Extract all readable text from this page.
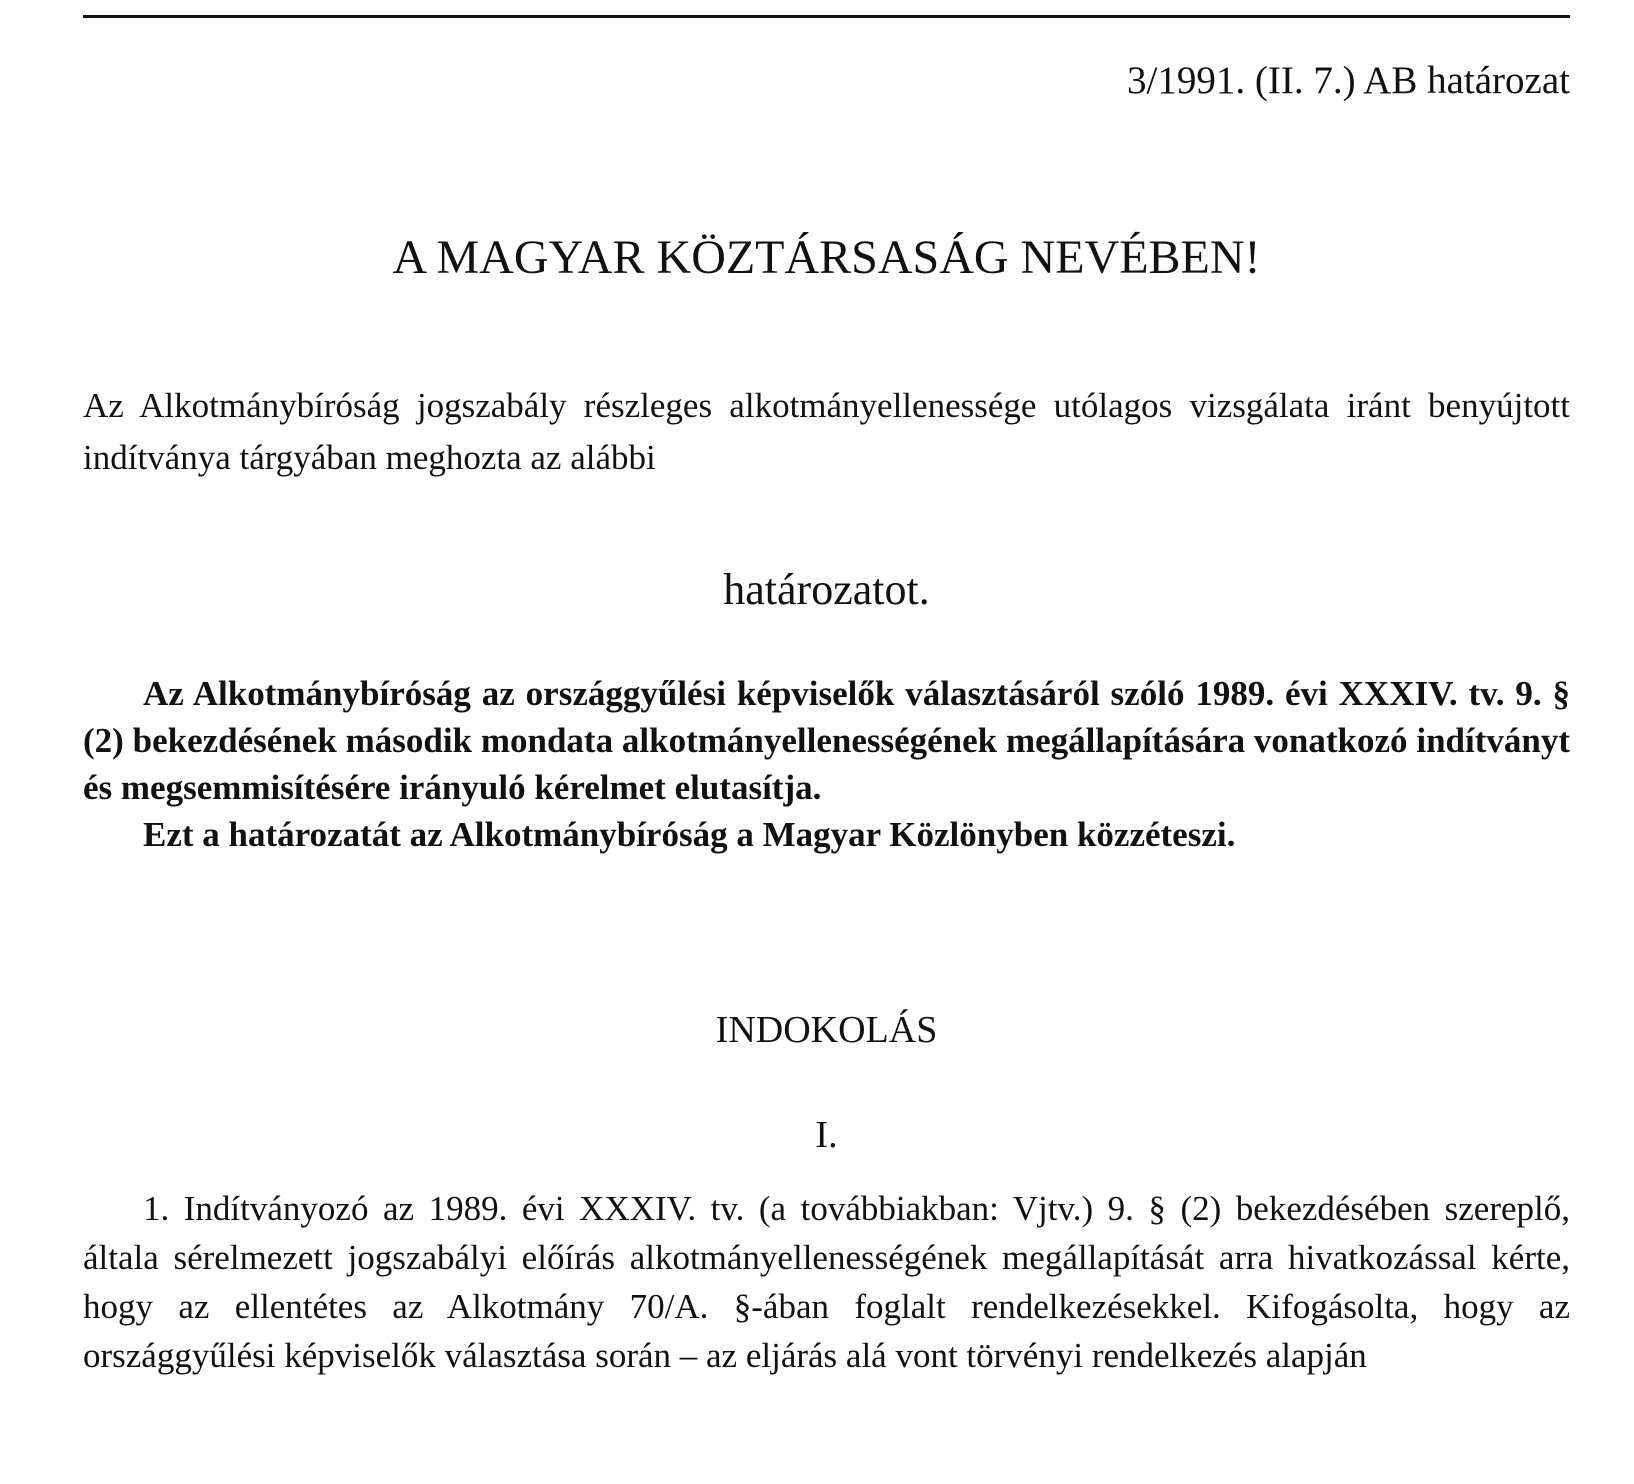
3/1991. (II. 7.) AB határozat
A MAGYAR KÖZTÁRSASÁG NEVÉBEN!
Az Alkotmánybíróság jogszabály részleges alkotmányellenessége utólagos vizsgálata iránt benyújtott indítványa tárgyában meghozta az alábbi
határozatot.

Az Alkotmánybíróság az országgyűlési képviselők választásáról szóló 1989. évi XXXIV. tv. 9. § (2) bekezdésének második mondata alkotmányellenességének megállapítására vonatkozó indítványt és megsemmisítésére irányuló kérelmet elutasítja.

Ezt a határozatát az Alkotmánybíróság a Magyar Közlönyben közzéteszi.

INDOKOLÁS
I.

1. Indítványozó az 1989. évi XXXIV. tv. (a továbbiakban: Vjtv.) 9. § (2) bekezdésében szereplő, általa sérelmezett jogszabályi előírás alkotmányellenességének megállapítását arra hivatkozással kérte, hogy az ellentétes az Alkotmány 70/A. §-ában foglalt rendelkezésekkel. Kifogásolta, hogy az országgyűlési képviselők választása során – az eljárás alá vont törvényi rendelkezés alapján
